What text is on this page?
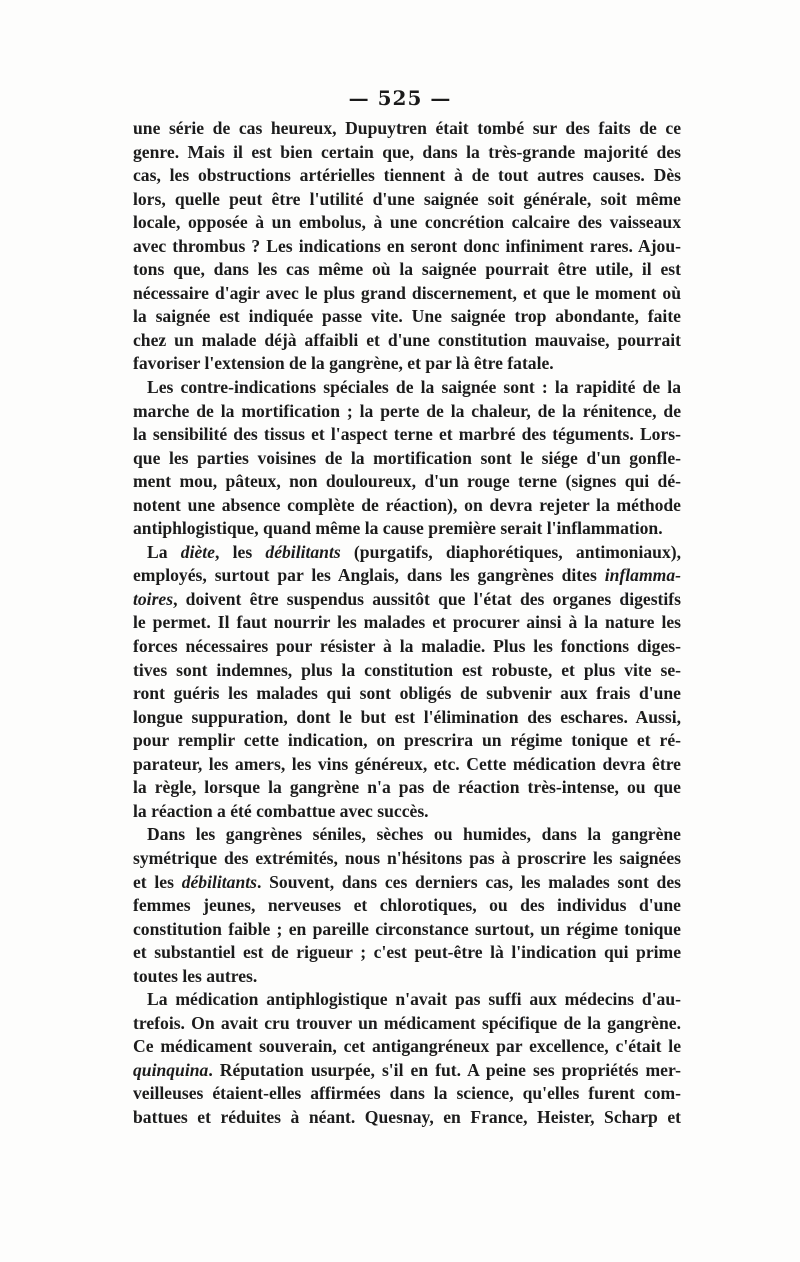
— 525 —
une série de cas heureux, Dupuytren était tombé sur des faits de ce
genre. Mais il est bien certain que, dans la très-grande majorité des
cas, les obstructions artérielles tiennent à de tout autres causes. Dès
lors, quelle peut être l'utilité d'une saignée soit générale, soit même
locale, opposée à un embolus, à une concrétion calcaire des vaisseaux
avec thrombus ? Les indications en seront donc infiniment rares. Ajou-
tons que, dans les cas même où la saignée pourrait être utile, il est
nécessaire d'agir avec le plus grand discernement, et que le moment où
la saignée est indiquée passe vite. Une saignée trop abondante, faite
chez un malade déjà affaibli et d'une constitution mauvaise, pourrait
favoriser l'extension de la gangrène, et par là être fatale.
Les contre-indications spéciales de la saignée sont : la rapidité de la
marche de la mortification ; la perte de la chaleur, de la rénitence, de
la sensibilité des tissus et l'aspect terne et marbré des téguments. Lors-
que les parties voisines de la mortification sont le siége d'un gonfle-
ment mou, pâteux, non douloureux, d'un rouge terne (signes qui dé-
notent une absence complète de réaction), on devra rejeter la méthode
antiphlogistique, quand même la cause première serait l'inflammation.
La diète, les débilitants (purgatifs, diaphorétiques, antimoniaux),
employés, surtout par les Anglais, dans les gangrènes dites inflamma-
toires, doivent être suspendus aussitôt que l'état des organes digestifs
le permet. Il faut nourrir les malades et procurer ainsi à la nature les
forces nécessaires pour résister à la maladie. Plus les fonctions diges-
tives sont indemnes, plus la constitution est robuste, et plus vite se-
ront guéris les malades qui sont obligés de subvenir aux frais d'une
longue suppuration, dont le but est l'élimination des eschares. Aussi,
pour remplir cette indication, on prescrira un régime tonique et ré-
parateur, les amers, les vins généreux, etc. Cette médication devra être
la règle, lorsque la gangrène n'a pas de réaction très-intense, ou que
la réaction a été combattue avec succès.
Dans les gangrènes séniles, sèches ou humides, dans la gangrène
symétrique des extrémités, nous n'hésitons pas à proscrire les saignées
et les débilitants. Souvent, dans ces derniers cas, les malades sont des
femmes jeunes, nerveuses et chlorotiques, ou des individus d'une
constitution faible ; en pareille circonstance surtout, un régime tonique
et substantiel est de rigueur ; c'est peut-être là l'indication qui prime
toutes les autres.
La médication antiphlogistique n'avait pas suffi aux médecins d'au-
trefois. On avait cru trouver un médicament spécifique de la gangrène.
Ce médicament souverain, cet antigangréneux par excellence, c'était le
quinquina. Réputation usurpée, s'il en fut. A peine ses propriétés mer-
veilleuses étaient-elles affirmées dans la science, qu'elles furent com-
battues et réduites à néant. Quesnay, en France, Heister, Scharp et
